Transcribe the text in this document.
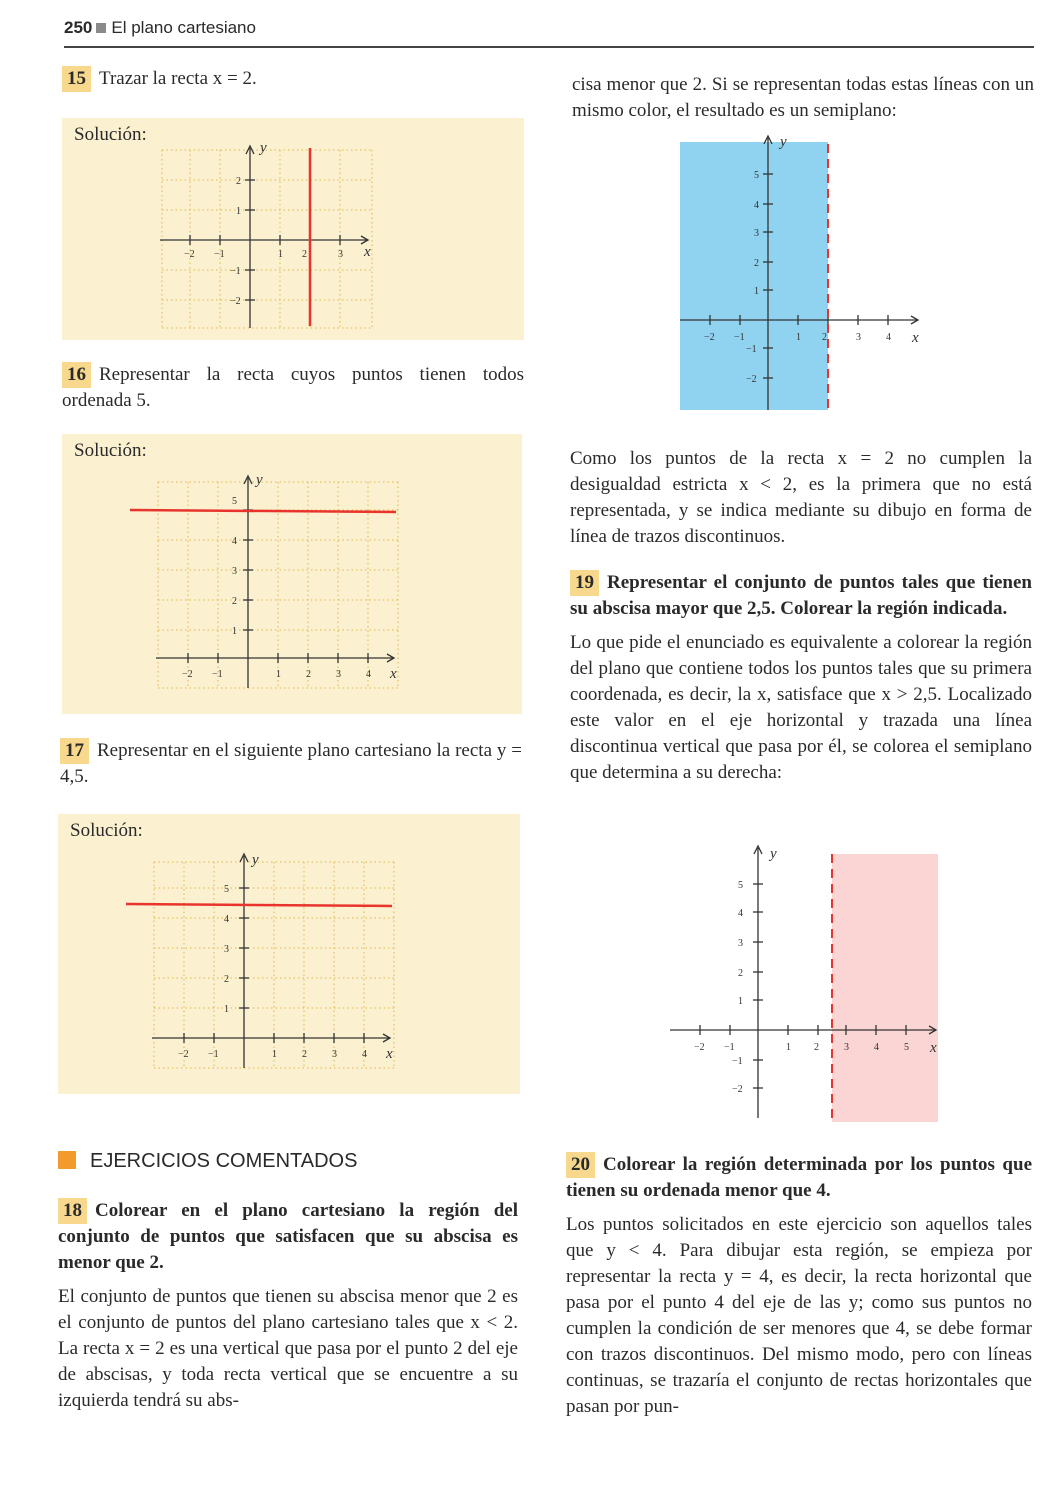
250 El plano cartesiano

15 Trazar la recta x = 2.

Solución:
−2 −1	1 2	3 x
2
1
−1
−2
y

16 Representar la recta cuyos puntos tienen todos ordenada 5.

Solución:
−2 −1	1	2	3	4 x
5
4
3
2
1
y

17 Representar en el siguiente plano cartesiano la recta y = 4,5.

Solución:
−2 −1	1	2	3	4 x
5
4
3
2
1
y
EJERCICIOS COMENTADOS

18 Colorear en el plano cartesiano la región del conjunto de puntos que satisfacen que su abscisa es menor que 2.

El conjunto de puntos que tienen su abscisa menor que 2 es el conjunto de puntos del plano cartesiano tales que x < 2. La recta x = 2 es una vertical que pasa por el punto 2 del eje de abscisas, y toda recta vertical que se encuentre a su izquierda tendrá su abs-

cisa menor que 2. Si se representan todas estas líneas con un mismo color, el resultado es un semiplano:

−2 −1	1 2	3	4 x
5
4
3
2
1
−1
−2
y

Como los puntos de la recta x = 2 no cumplen la desigualdad estricta x < 2, es la primera que no está representada, y se indica mediante su dibujo en forma de línea de trazos discontinuos.

19 Representar el conjunto de puntos tales que tienen su abscisa mayor que 2,5. Colorear la región indicada.

Lo que pide el enunciado es equivalente a colorear la región del plano que contiene todos los puntos tales que su primera coordenada, es decir, la x, satisface que x > 2,5. Localizado este valor en el eje horizontal y trazada una línea discontinua vertical que pasa por él, se colorea el semiplano que determina a su derecha:

−2 −1	1 2	3	4	5 x
5
4
3
2
1
−1
−2
y

20 Colorear la región determinada por los puntos que tienen su ordenada menor que 4.

Los puntos solicitados en este ejercicio son aquellos tales que y < 4. Para dibujar esta región, se empieza por representar la recta y = 4, es decir, la recta horizontal que pasa por el punto 4 del eje de las y; como sus puntos no cumplen la condición de ser menores que 4, se debe formar con trazos discontinuos. Del mismo modo, pero con líneas continuas, se trazaría el conjunto de rectas horizontales que pasan por pun-
